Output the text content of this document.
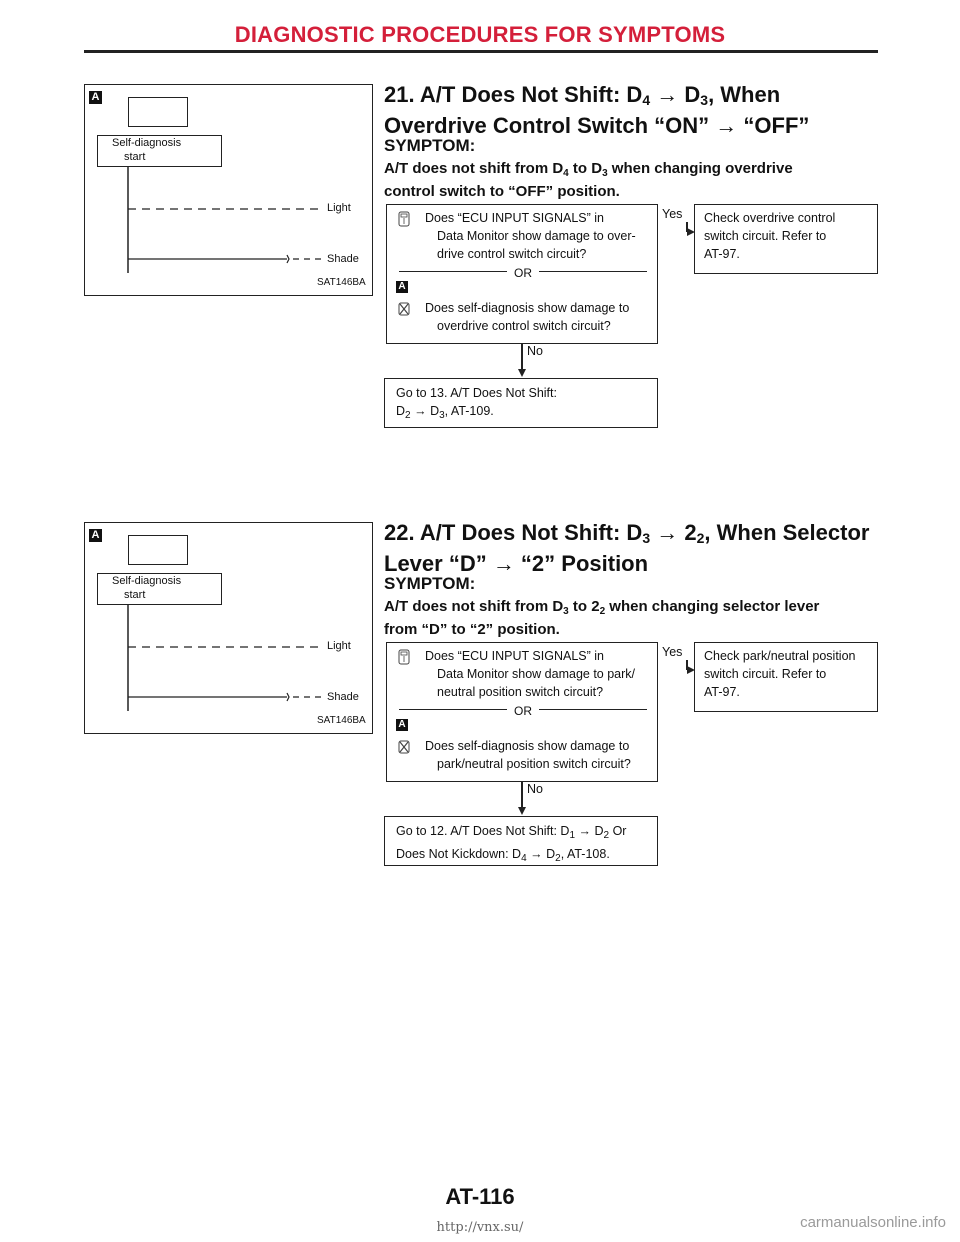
DIAGNOSTIC PROCEDURES FOR SYMPTOMS
A
Self-diagnosis
start
Light
Shade
SAT146BA
21. A/T Does Not Shift: $D_4 \to D_3$, When
Overdrive Control Switch “ON” → “OFF”
SYMPTOM:
A/T does not shift from $D_4$ to $D_3$ when changing overdrive
control switch to “OFF” position.
Does “ECU INPUT SIGNALS” in
Data Monitor show damage to over-
drive control switch circuit?
OR
A
Does self-diagnosis show damage to
overdrive control switch circuit?
Yes Check overdrive control
switch circuit. Refer to
AT-97.
No
Go to 13. A/T Does Not Shift:
$D_2 \to D_3$, AT-109.
A
Self-diagnosis
start
Light
Shade
SAT146BA
22. A/T Does Not Shift: $D_3 \to 2_2$, When Selector
Lever “D” → “2” Position
SYMPTOM:
A/T does not shift from $D_3$ to $2_2$ when changing selector lever
from “D” to “2” position.
Does “ECU INPUT SIGNALS” in
Data Monitor show damage to park/
neutral position switch circuit?
OR
A
Does self-diagnosis show damage to
park/neutral position switch circuit?
Yes Check park/neutral position
switch circuit. Refer to
AT-97.
No
Go to 12. A/T Does Not Shift: $D_1 \to D_2$ Or
Does Not Kickdown: $D_4 \to D_2$, AT-108.
AT-116
http://vnx.su/	carmanualsonline.info
